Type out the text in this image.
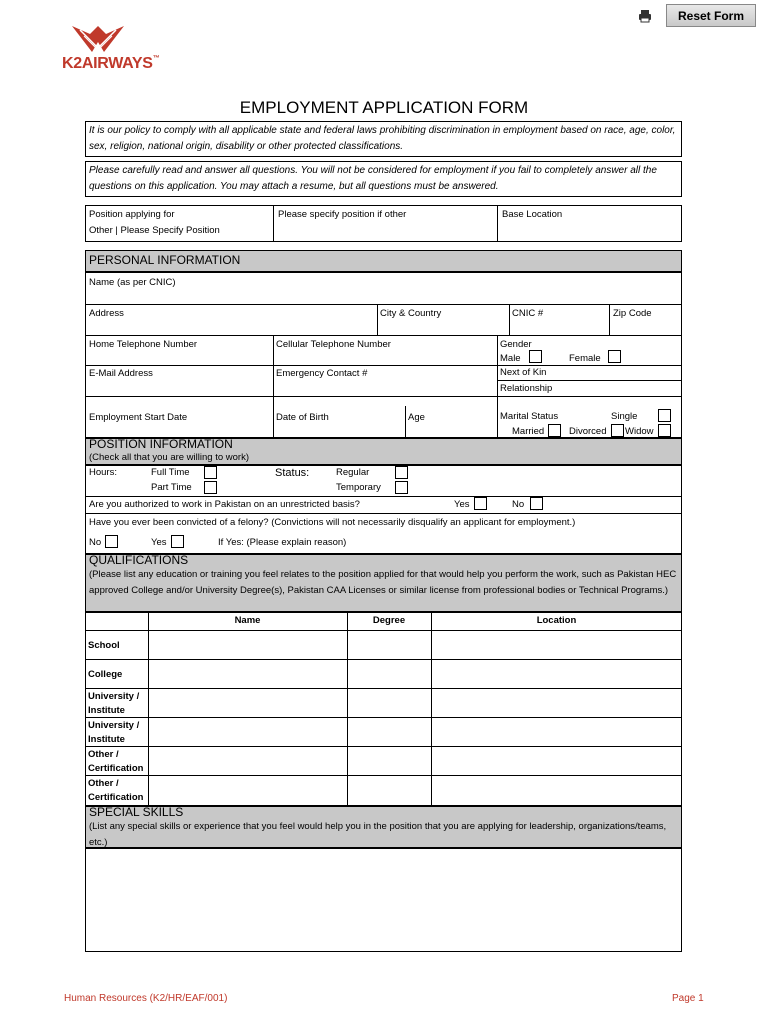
K2AIRWAYS™
Reset Form
EMPLOYMENT APPLICATION FORM
It is our policy to comply with all applicable state and federal laws prohibiting discrimination in employment based on race, age, color, sex, religion, national origin, disability or other protected classifications.
Please carefully read and answer all questions. You will not be considered for employment if you fail to completely answer all the questions on this application. You may attach a resume, but all questions must be answered.
Position applying for
Other | Please Specify Position
Please specify position if other	Base Location
PERSONAL INFORMATION
Name (as per CNIC)
Address	City & Country	CNIC #	Zip Code
Home Telephone Number	Cellular Telephone Number	Gender
Male	Female
E-Mail Address	Emergency Contact #	Next of Kin
Relationship
Employment Start Date	Date of Birth	Age	Marital Status	Single
Married	Divorced Widow
POSITION INFORMATION
(Check all that you are willing to work)
Hours:	Full Time
Part Time
Status:	Regular
Temporary
Are you authorized to work in Pakistan on an unrestricted basis?	Yes	No
Have you ever been convicted of a felony? (Convictions will not necessarily disqualify an applicant for employment.)
No	Yes	If Yes: (Please explain reason)
QUALIFICATIONS
(Please list any education or training you feel relates to the position applied for that would help you perform the work, such as Pakistan HEC approved College and/or University Degree(s), Pakistan CAA Licenses or similar license from professional bodies or Technical Programs.)
Name	Degree	Location
School
College
University / Institute
University / Institute
Other / Certification
Other / Certification
SPECIAL SKILLS
(List any special skills or experience that you feel would help you in the position that you are applying for leadership, organizations/teams, etc.)
Human Resources (K2/HR/EAF/001)	Page 1
